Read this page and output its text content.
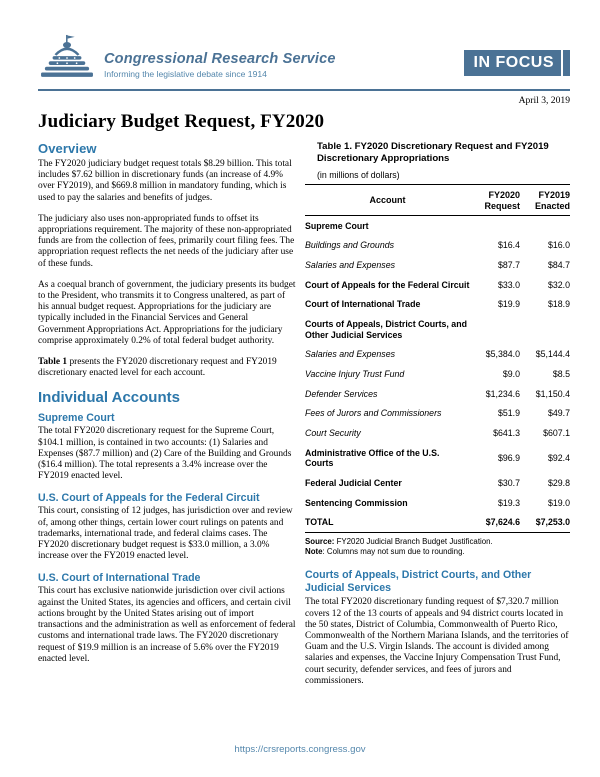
Congressional Research Service
Informing the legislative debate since 1914
IN FOCUS
April 3, 2019
Judiciary Budget Request, FY2020
Overview

The FY2020 judiciary budget request totals $8.29 billion. This total includes $7.62 billion in discretionary funds (an increase of 4.9% over FY2019), and $669.8 million in mandatory funding, which is used to pay the salaries and benefits of judges.

The judiciary also uses non-appropriated funds to offset its appropriations requirement. The majority of these non-appropriated funds are from the collection of fees, primarily court filing fees. The appropriation request reflects the net needs of the judiciary after use of these funds.

As a coequal branch of government, the judiciary presents its budget to the President, who transmits it to Congress unaltered, as part of his annual budget request. Appropriations for the judiciary are typically included in the Financial Services and General Government Appropriations Act. Appropriations for the judiciary comprise approximately 0.2% of total federal budget authority.

Table 1 presents the FY2020 discretionary request and FY2019 discretionary enacted level for each account.

Individual Accounts
Supreme Court

The total FY2020 discretionary request for the Supreme Court, $104.1 million, is contained in two accounts: (1) Salaries and Expenses ($87.7 million) and (2) Care of the Building and Grounds ($16.4 million). The total represents a 3.4% increase over the FY2019 enacted level.

U.S. Court of Appeals for the Federal Circuit

This court, consisting of 12 judges, has jurisdiction over and review of, among other things, certain lower court rulings on patents and trademarks, international trade, and federal claims cases. The FY2020 discretionary budget request is $33.0 million, a 3.0% increase over the FY2019 enacted level.

U.S. Court of International Trade

This court has exclusive nationwide jurisdiction over civil actions against the United States, its agencies and officers, and certain civil actions brought by the United States arising out of import transactions and the administration as well as enforcement of federal customs and international trade laws. The FY2020 discretionary request of $19.9 million is an increase of 5.6% over the FY2019 enacted level.

Table 1. FY2020 Discretionary Request and FY2019 Discretionary Appropriations
(in millions of dollars)
Account	FY2020 Request	FY2019 Enacted
Supreme Court		
Buildings and Grounds	$16.4	$16.0
Salaries and Expenses	$87.7	$84.7
Court of Appeals for the Federal Circuit	$33.0	$32.0
Court of International Trade	$19.9	$18.9
Courts of Appeals, District Courts, and Other Judicial Services		
Salaries and Expenses	$5,384.0	$5,144.4
Vaccine Injury Trust Fund	$9.0	$8.5
Defender Services	$1,234.6	$1,150.4
Fees of Jurors and Commissioners	$51.9	$49.7
Court Security	$641.3	$607.1
Administrative Office of the U.S. Courts	$96.9	$92.4
Federal Judicial Center	$30.7	$29.8
Sentencing Commission	$19.3	$19.0
TOTAL	$7,624.6	$7,253.0
Source: FY2020 Judicial Branch Budget Justification.
Note: Columns may not sum due to rounding.
Courts of Appeals, District Courts, and Other Judicial Services

The total FY2020 discretionary funding request of $7,320.7 million covers 12 of the 13 courts of appeals and 94 district courts located in the 50 states, District of Columbia, Commonwealth of Puerto Rico, Commonwealth of the Northern Mariana Islands, and the territories of Guam and the U.S. Virgin Islands. The account is divided among salaries and expenses, the Vaccine Injury Compensation Trust Fund, court security, defender services, and fees of jurors and commissioners.

https://crsreports.congress.gov
